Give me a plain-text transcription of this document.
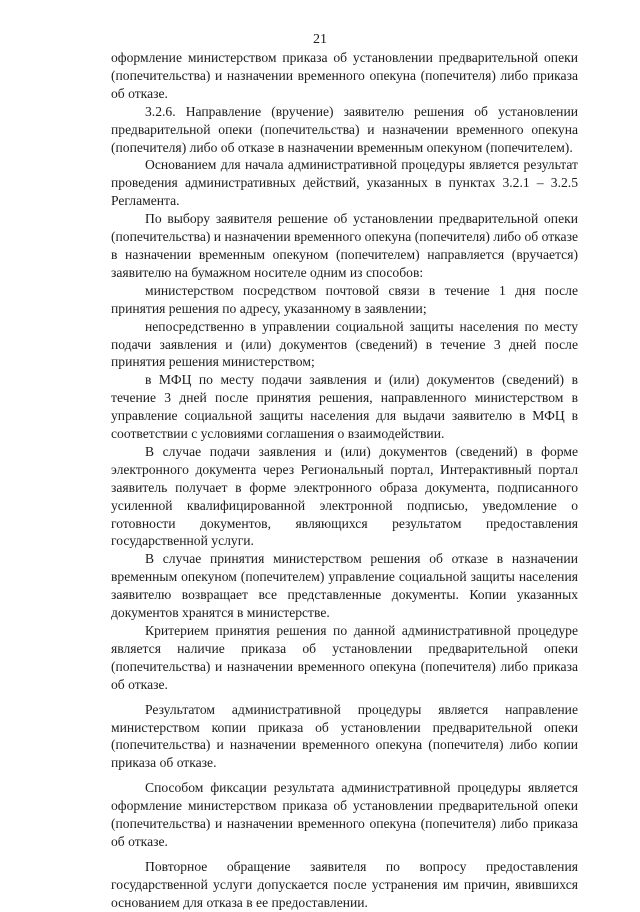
21

оформление министерством приказа об установлении предварительной опеки (попечительства) и назначении временного опекуна (попечителя) либо приказа об отказе.

3.2.6. Направление (вручение) заявителю решения об установлении предварительной опеки (попечительства) и назначении временного опекуна (попечителя) либо об отказе в назначении временным опекуном (попечителем).

Основанием для начала административной процедуры является результат проведения административных действий, указанных в пунктах 3.2.1 – 3.2.5 Регламента.

По выбору заявителя решение об установлении предварительной опеки (попечительства) и назначении временного опекуна (попечителя) либо об отказе в назначении временным опекуном (попечителем) направляется (вручается) заявителю на бумажном носителе одним из способов:

министерством посредством почтовой связи в течение 1 дня после принятия решения по адресу, указанному в заявлении;

непосредственно в управлении социальной защиты населения по месту подачи заявления и (или) документов (сведений) в течение 3 дней после принятия решения министерством;

в МФЦ по месту подачи заявления и (или) документов (сведений) в течение 3 дней после принятия решения, направленного министерством в управление социальной защиты населения для выдачи заявителю в МФЦ в соответствии с условиями соглашения о взаимодействии.

В случае подачи заявления и (или) документов (сведений) в форме электронного документа через Региональный портал, Интерактивный портал заявитель получает в форме электронного образа документа, подписанного усиленной квалифицированной электронной подписью, уведомление о готовности документов, являющихся результатом предоставления государственной услуги.

В случае принятия министерством решения об отказе в назначении временным опекуном (попечителем) управление социальной защиты населения заявителю возвращает все представленные документы. Копии указанных документов хранятся в министерстве.

Критерием принятия решения по данной административной процедуре является наличие приказа об установлении предварительной опеки (попечительства) и назначении временного опекуна (попечителя) либо приказа об отказе.

Результатом административной процедуры является направление министерством копии приказа об установлении предварительной опеки (попечительства) и назначении временного опекуна (попечителя) либо копии приказа об отказе.

Способом фиксации результата административной процедуры является оформление министерством приказа об установлении предварительной опеки (попечительства) и назначении временного опекуна (попечителя) либо приказа об отказе.

Повторное обращение заявителя по вопросу предоставления государственной услуги допускается после устранения им причин, явившихся основанием для отказа в ее предоставлении.
